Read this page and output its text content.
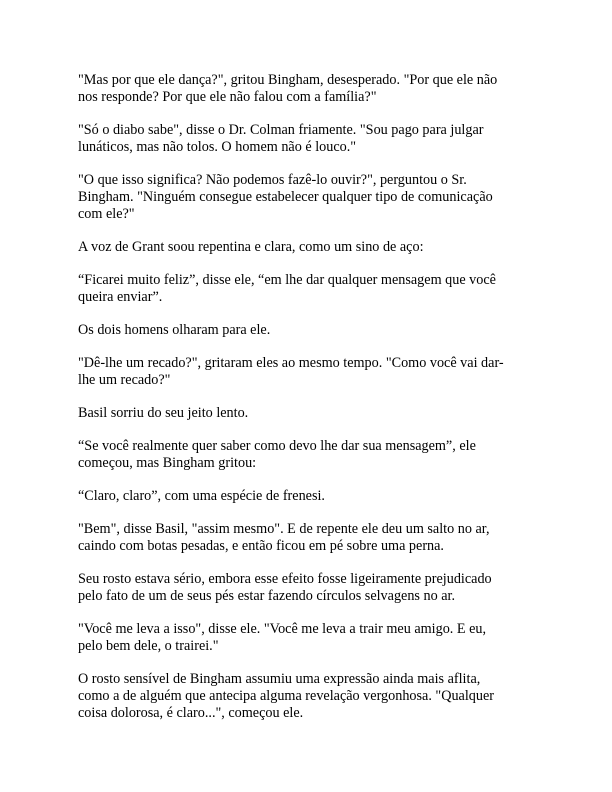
"Mas por que ele dança?", gritou Bingham, desesperado. "Por que ele não
nos responde? Por que ele não falou com a família?"

"Só o diabo sabe", disse o Dr. Colman friamente. "Sou pago para julgar
lunáticos, mas não tolos. O homem não é louco."

"O que isso significa? Não podemos fazê-lo ouvir?", perguntou o Sr.
Bingham. "Ninguém consegue estabelecer qualquer tipo de comunicação
com ele?"

A voz de Grant soou repentina e clara, como um sino de aço:

“Ficarei muito feliz”, disse ele, “em lhe dar qualquer mensagem que você
queira enviar”.

Os dois homens olharam para ele.

"Dê-lhe um recado?", gritaram eles ao mesmo tempo. "Como você vai dar-
lhe um recado?"

Basil sorriu do seu jeito lento.

“Se você realmente quer saber como devo lhe dar sua mensagem”, ele
começou, mas Bingham gritou:

“Claro, claro”, com uma espécie de frenesi.

"Bem", disse Basil, "assim mesmo". E de repente ele deu um salto no ar,
caindo com botas pesadas, e então ficou em pé sobre uma perna.

Seu rosto estava sério, embora esse efeito fosse ligeiramente prejudicado
pelo fato de um de seus pés estar fazendo círculos selvagens no ar.

"Você me leva a isso", disse ele. "Você me leva a trair meu amigo. E eu,
pelo bem dele, o trairei."

O rosto sensível de Bingham assumiu uma expressão ainda mais aflita,
como a de alguém que antecipa alguma revelação vergonhosa. "Qualquer
coisa dolorosa, é claro...", começou ele.
